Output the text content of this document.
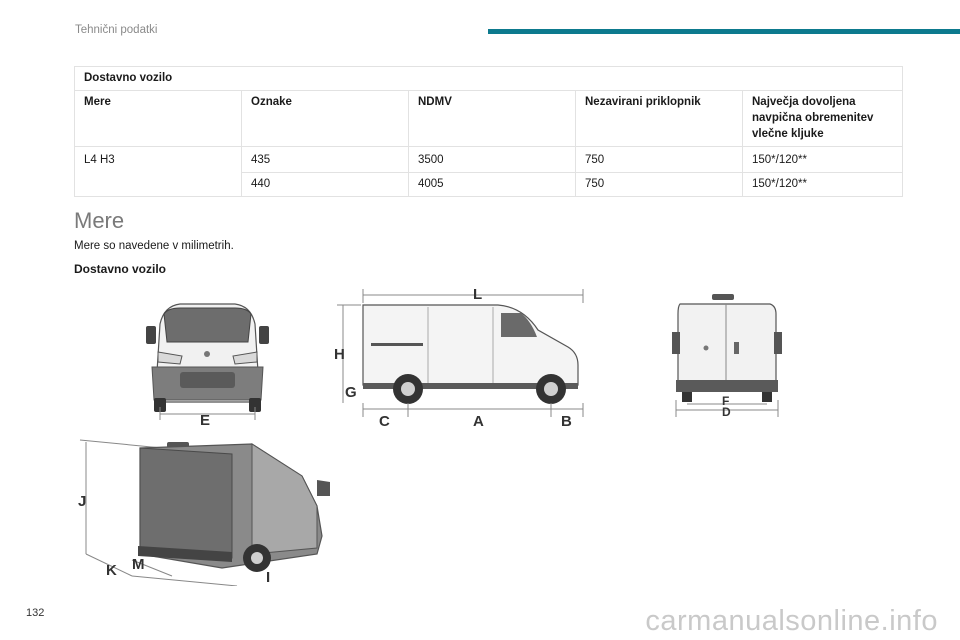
Tehnični podatki
Dostavno vozilo				
Mere	Oznake	NDMV	Nezavirani priklopnik	Največja dovoljena navpična obremenitev vlečne kljuke
L4 H3	435	3500	750	150*/120**
	440	4005	750	150*/120**
Mere
Mere so navedene v milimetrih.
Dostavno vozilo
E
L
H
G
C	A	B
F
D
J
K M
I
132	carmanualsonline.info
